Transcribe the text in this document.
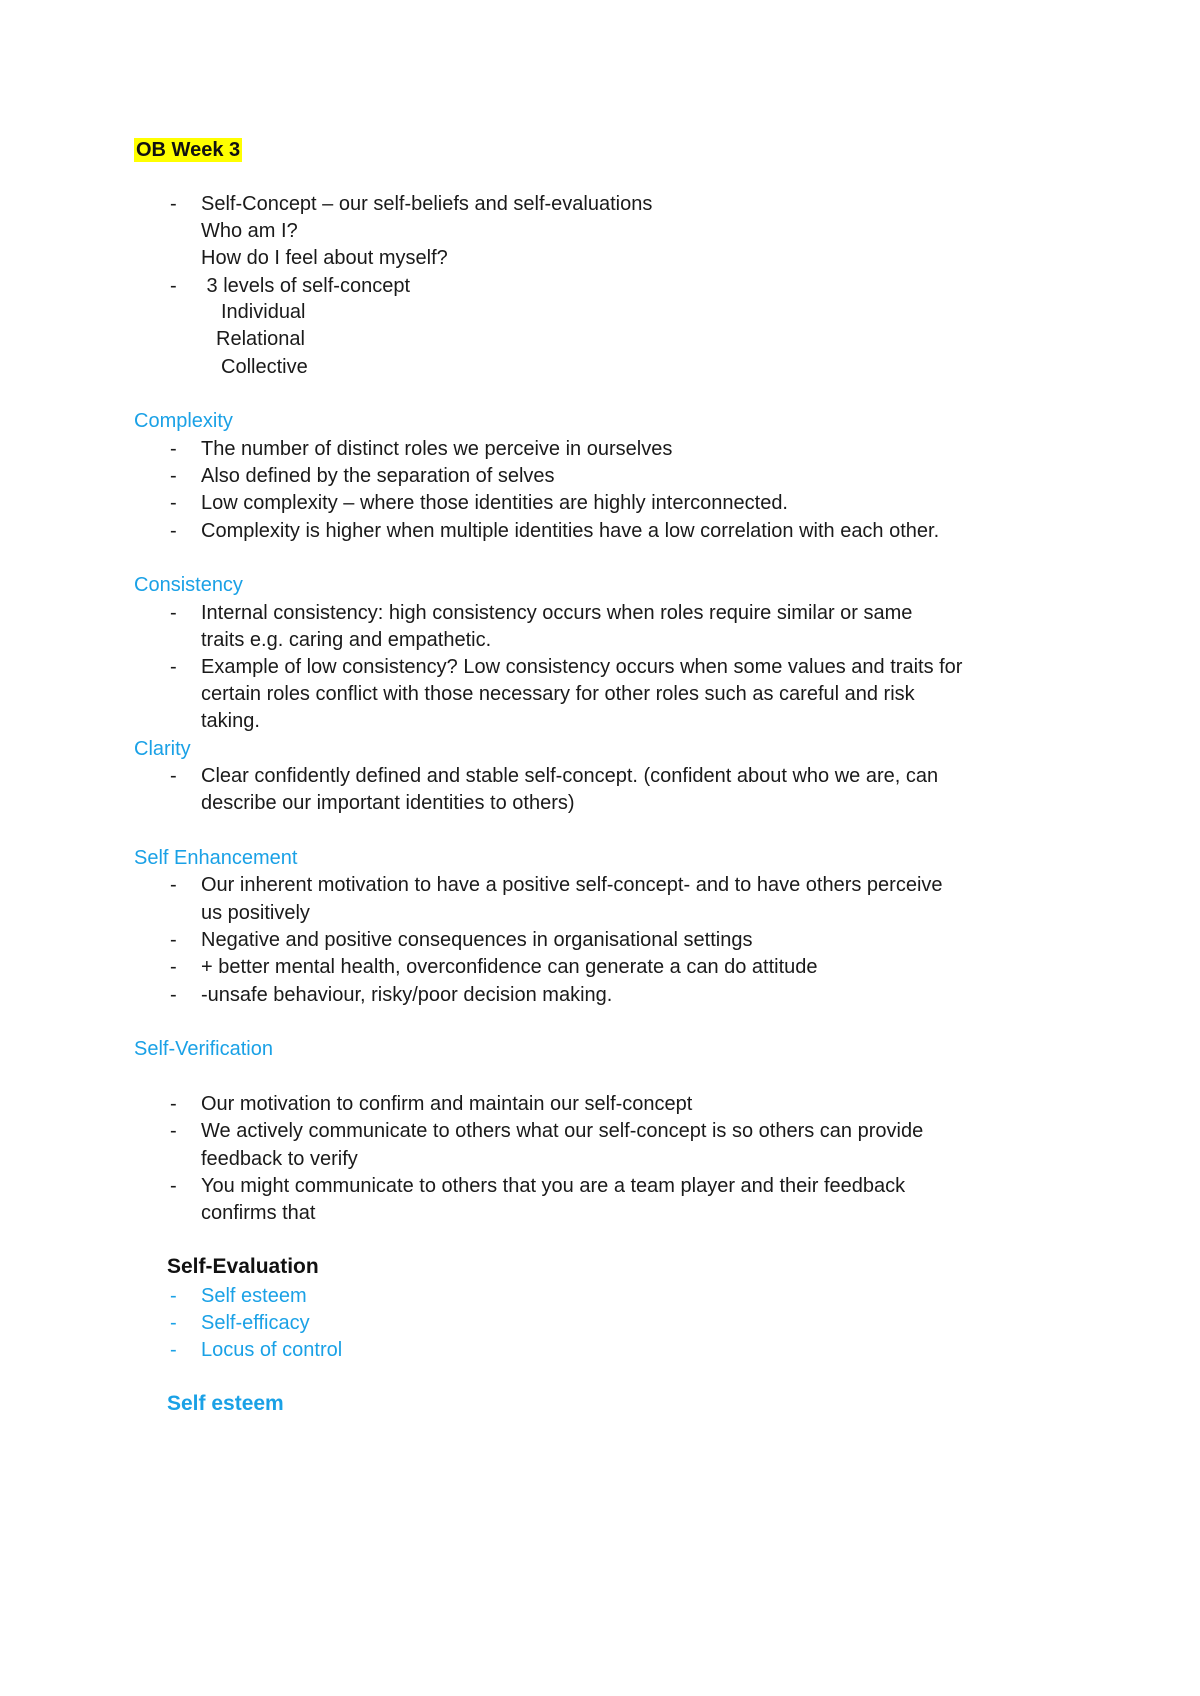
OB Week 3
- Self-Concept – our self-beliefs and self-evaluations
Who am I?
How do I feel about myself?
- 3 levels of self-concept
Individual
Relational
Collective
Complexity
- The number of distinct roles we perceive in ourselves
- Also defined by the separation of selves
- Low complexity – where those identities are highly interconnected.
- Complexity is higher when multiple identities have a low correlation with each other.
Consistency
- Internal consistency: high consistency occurs when roles require similar or same
traits e.g. caring and empathetic.
- Example of low consistency? Low consistency occurs when some values and traits for
certain roles conflict with those necessary for other roles such as careful and risk
taking.
Clarity
- Clear confidently defined and stable self-concept. (confident about who we are, can
describe our important identities to others)
Self Enhancement
- Our inherent motivation to have a positive self-concept- and to have others perceive
us positively
- Negative and positive consequences in organisational settings
- + better mental health, overconfidence can generate a can do attitude
- -unsafe behaviour, risky/poor decision making.
Self-Verification
- Our motivation to confirm and maintain our self-concept
- We actively communicate to others what our self-concept is so others can provide
feedback to verify
- You might communicate to others that you are a team player and their feedback
confirms that
Self-Evaluation
- Self esteem
- Self-efficacy
- Locus of control
Self esteem
